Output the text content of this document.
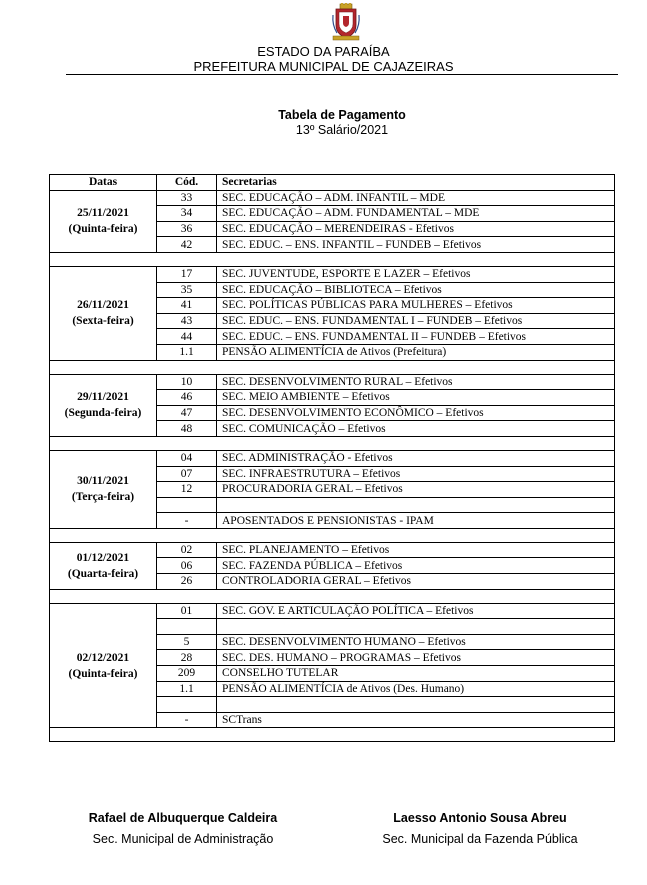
ESTADO DA PARAÍBA
PREFEITURA MUNICIPAL DE CAJAZEIRAS
Tabela de Pagamento
13º Salário/2021
Datas	Cód.	Secretarias

25/11/2021
(Quinta-feira)	33	SEC. EDUCAÇÃO – ADM. INFANTIL – MDE
	34	SEC. EDUCAÇÃO – ADM. FUNDAMENTAL – MDE
	36	SEC. EDUCAÇÃO – MERENDEIRAS - Efetivos
	42	SEC. EDUC. – ENS. INFANTIL – FUNDEB – Efetivos

26/11/2021
(Sexta-feira)	17	SEC. JUVENTUDE, ESPORTE E LAZER – Efetivos
	35	SEC. EDUCAÇÃO – BIBLIOTECA – Efetivos
	41	SEC. POLÍTICAS PÚBLICAS PARA MULHERES – Efetivos
	43	SEC. EDUC. – ENS. FUNDAMENTAL I – FUNDEB – Efetivos
	44	SEC. EDUC. – ENS. FUNDAMENTAL II – FUNDEB – Efetivos
	1.1	PENSÃO ALIMENTÍCIA de Ativos (Prefeitura)

29/11/2021
(Segunda-feira)	10	SEC. DESENVOLVIMENTO RURAL – Efetivos
	46	SEC. MEIO AMBIENTE – Efetivos
	47	SEC. DESENVOLVIMENTO ECONÔMICO – Efetivos
	48	SEC. COMUNICAÇÃO – Efetivos

30/11/2021
(Terça-feira)	04	SEC. ADMINISTRAÇÃO - Efetivos
	07	SEC. INFRAESTRUTURA – Efetivos
	12	PROCURADORIA GERAL – Efetivos

	-	APOSENTADOS E PENSIONISTAS - IPAM

01/12/2021
(Quarta-feira)	02	SEC. PLANEJAMENTO – Efetivos
	06	SEC. FAZENDA PÚBLICA – Efetivos
	26	CONTROLADORIA GERAL – Efetivos

02/12/2021
(Quinta-feira)	01	SEC. GOV. E ARTICULAÇÃO POLÍTICA – Efetivos

	5	SEC. DESENVOLVIMENTO HUMANO – Efetivos
	28	SEC. DES. HUMANO – PROGRAMAS – Efetivos
	209	CONSELHO TUTELAR
	1.1	PENSÃO ALIMENTÍCIA de Ativos (Des. Humano)

	-	SCTrans

Rafael de Albuquerque Caldeira
Sec. Municipal de Administração
Laesso Antonio Sousa Abreu
Sec. Municipal da Fazenda Pública
